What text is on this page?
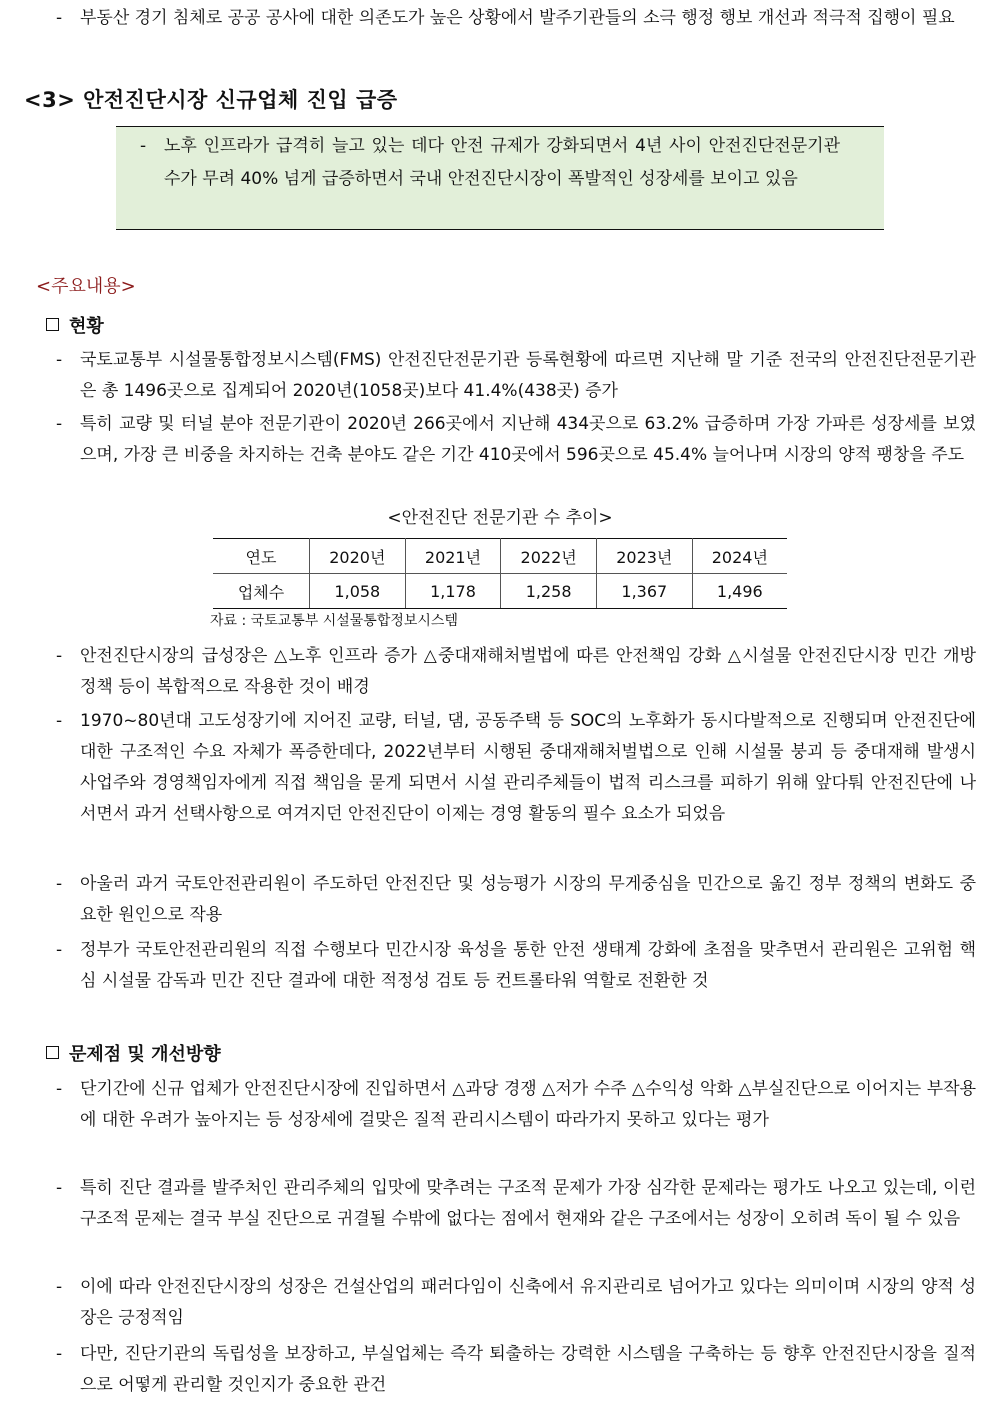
- 부동산 경기 침체로 공공 공사에 대한 의존도가 높은 상황에서 발주기관들의 소극 행정 행보 개선과 적극적 집행이 필요
<3> 안전진단시장 신규업체 진입 급증
- 노후 인프라가 급격히 늘고 있는 데다 안전 규제가 강화되면서 4년 사이 안전진단전문기관 수가 무려 40% 넘게 급증하면서 국내 안전진단시장이 폭발적인 성장세를 보이고 있음
<주요내용>
현황
- 국토교통부 시설물통합정보시스템(FMS) 안전진단전문기관 등록현황에 따르면 지난해 말 기준 전국의 안전진단전문기관은 총 1496곳으로 집계되어 2020년(1058곳)보다 41.4%(438곳) 증가
- 특히 교량 및 터널 분야 전문기관이 2020년 266곳에서 지난해 434곳으로 63.2% 급증하며 가장 가파른 성장세를 보였으며, 가장 큰 비중을 차지하는 건축 분야도 같은 기간 410곳에서 596곳으로 45.4% 늘어나며 시장의 양적 팽창을 주도
<안전진단 전문기관 수 추이>
연도	2020년	2021년	2022년	2023년	2024년
업체수	1,058	1,178	1,258	1,367	1,496
자료 : 국토교통부 시설물통합정보시스템
- 안전진단시장의 급성장은 △노후 인프라 증가 △중대재해처벌법에 따른 안전책임 강화 △시설물 안전진단시장 민간 개방 정책 등이 복합적으로 작용한 것이 배경
- 1970~80년대 고도성장기에 지어진 교량, 터널, 댐, 공동주택 등 SOC의 노후화가 동시다발적으로 진행되며 안전진단에 대한 구조적인 수요 자체가 폭증한데다, 2022년부터 시행된 중대재해처벌법으로 인해 시설물 붕괴 등 중대재해 발생시 사업주와 경영책임자에게 직접 책임을 묻게 되면서 시설 관리주체들이 법적 리스크를 피하기 위해 앞다퉈 안전진단에 나서면서 과거 선택사항으로 여겨지던 안전진단이 이제는 경영 활동의 필수 요소가 되었음
- 아울러 과거 국토안전관리원이 주도하던 안전진단 및 성능평가 시장의 무게중심을 민간으로 옮긴 정부 정책의 변화도 중요한 원인으로 작용
- 정부가 국토안전관리원의 직접 수행보다 민간시장 육성을 통한 안전 생태계 강화에 초점을 맞추면서 관리원은 고위험 핵심 시설물 감독과 민간 진단 결과에 대한 적정성 검토 등 컨트롤타워 역할로 전환한 것
문제점 및 개선방향
- 단기간에 신규 업체가 안전진단시장에 진입하면서 △과당 경쟁 △저가 수주 △수익성 악화 △부실진단으로 이어지는 부작용에 대한 우려가 높아지는 등 성장세에 걸맞은 질적 관리시스템이 따라가지 못하고 있다는 평가
- 특히 진단 결과를 발주처인 관리주체의 입맛에 맞추려는 구조적 문제가 가장 심각한 문제라는 평가도 나오고 있는데, 이런 구조적 문제는 결국 부실 진단으로 귀결될 수밖에 없다는 점에서 현재와 같은 구조에서는 성장이 오히려 독이 될 수 있음
- 이에 따라 안전진단시장의 성장은 건설산업의 패러다임이 신축에서 유지관리로 넘어가고 있다는 의미이며 시장의 양적 성장은 긍정적임
- 다만, 진단기관의 독립성을 보장하고, 부실업체는 즉각 퇴출하는 강력한 시스템을 구축하는 등 향후 안전진단시장을 질적으로 어떻게 관리할 것인지가 중요한 관건
